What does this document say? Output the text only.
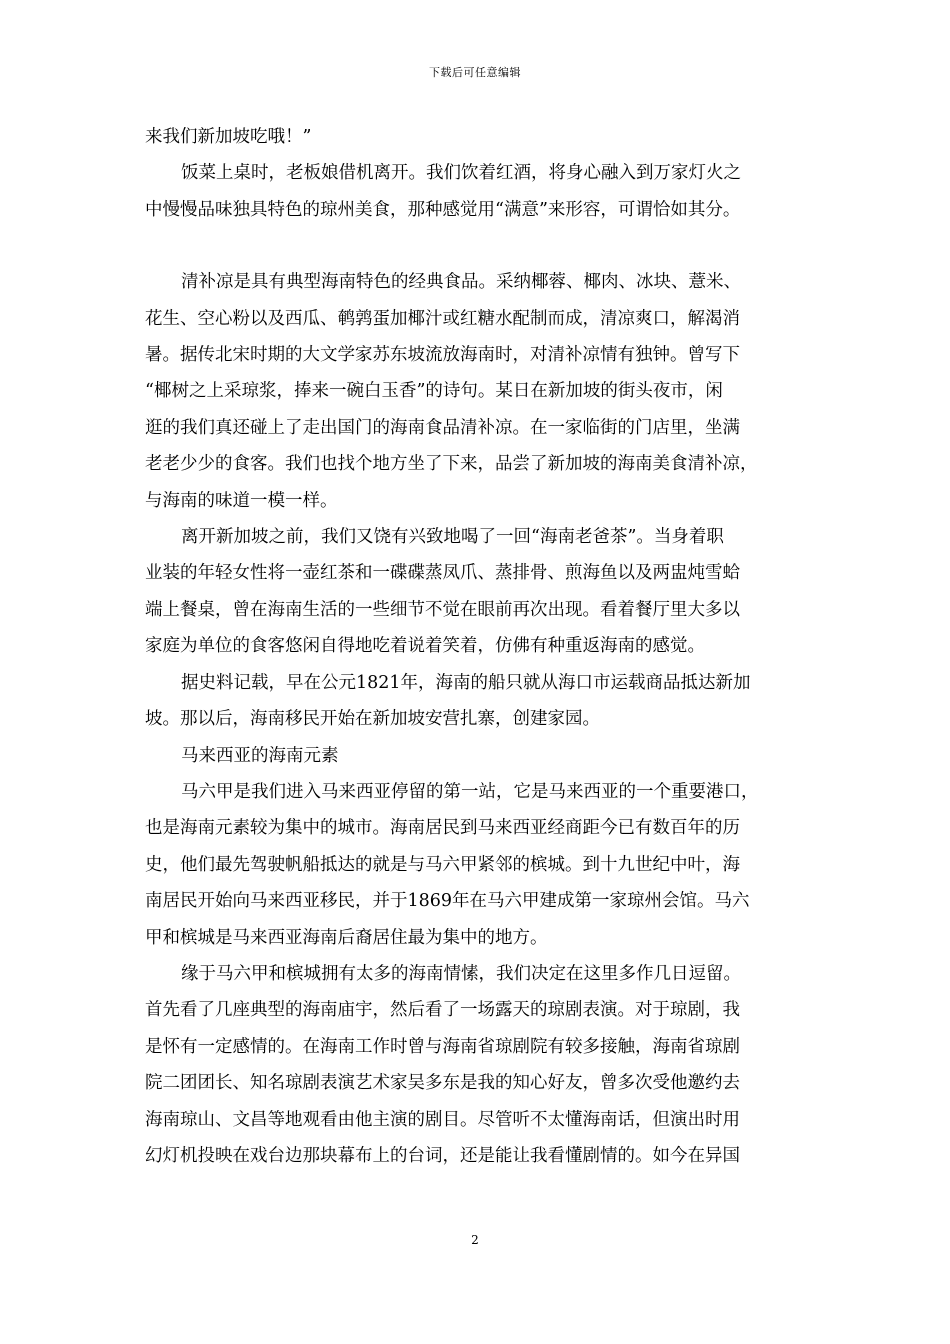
下载后可任意编辑

来我们新加坡吃哦！”

饭菜上桌时，老板娘借机离开。我们饮着红酒，将身心融入到万家灯火之

中慢慢品味独具特色的琼州美食，那种感觉用“满意”来形容，可谓恰如其分。

清补凉是具有典型海南特色的经典食品。采纳椰蓉、椰肉、冰块、薏米、

花生、空心粉以及西瓜、鹌鹑蛋加椰汁或红糖水配制而成，清凉爽口，解渴消

暑。据传北宋时期的大文学家苏东坡流放海南时，对清补凉情有独钟。曾写下

“椰树之上采琼浆，捧来一碗白玉香”的诗句。某日在新加坡的街头夜市，闲

逛的我们真还碰上了走出国门的海南食品清补凉。在一家临街的门店里，坐满

老老少少的食客。我们也找个地方坐了下来，品尝了新加坡的海南美食清补凉，

与海南的味道一模一样。

离开新加坡之前，我们又饶有兴致地喝了一回“海南老爸茶”。当身着职

业装的年轻女性将一壶红茶和一碟碟蒸凤爪、蒸排骨、煎海鱼以及两盅炖雪蛤

端上餐桌，曾在海南生活的一些细节不觉在眼前再次出现。看着餐厅里大多以

家庭为单位的食客悠闲自得地吃着说着笑着，仿佛有种重返海南的感觉。

据史料记载，早在公元1821年，海南的船只就从海口市运载商品抵达新加

坡。那以后，海南移民开始在新加坡安营扎寨，创建家园。

马来西亚的海南元素

马六甲是我们进入马来西亚停留的第一站，它是马来西亚的一个重要港口，

也是海南元素较为集中的城市。海南居民到马来西亚经商距今已有数百年的历

史，他们最先驾驶帆船抵达的就是与马六甲紧邻的槟城。到十九世纪中叶，海

南居民开始向马来西亚移民，并于1869年在马六甲建成第一家琼州会馆。马六

甲和槟城是马来西亚海南后裔居住最为集中的地方。

缘于马六甲和槟城拥有太多的海南情愫，我们决定在这里多作几日逗留。

首先看了几座典型的海南庙宇，然后看了一场露天的琼剧表演。对于琼剧，我

是怀有一定感情的。在海南工作时曾与海南省琼剧院有较多接触，海南省琼剧

院二团团长、知名琼剧表演艺术家吴多东是我的知心好友，曾多次受他邀约去

海南琼山、文昌等地观看由他主演的剧目。尽管听不太懂海南话，但演出时用

幻灯机投映在戏台边那块幕布上的台词，还是能让我看懂剧情的。如今在异国

2
